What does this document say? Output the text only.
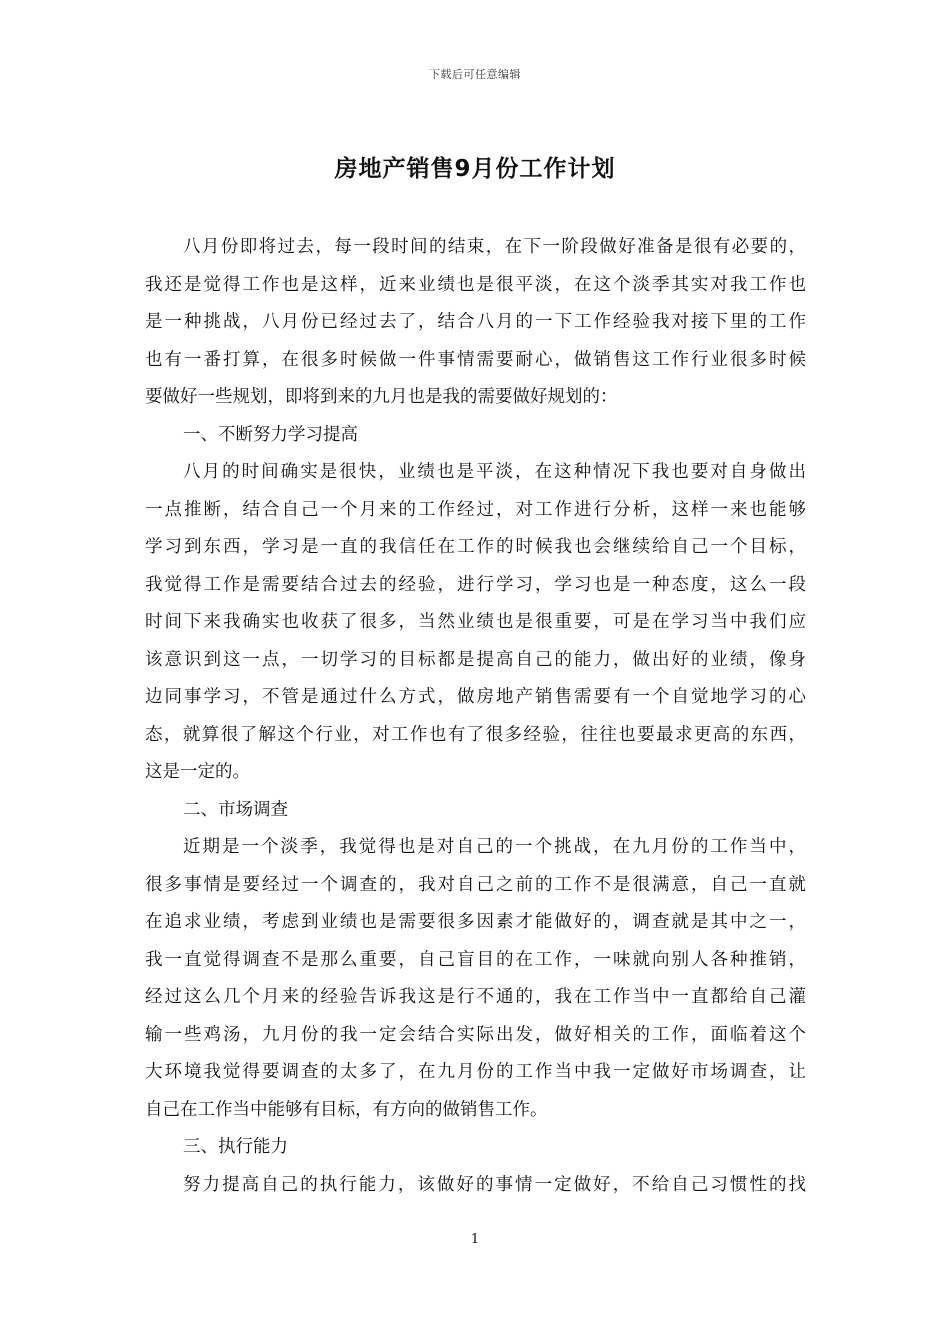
下载后可任意编辑
房地产销售9月份工作计划
八月份即将过去，每一段时间的结束，在下一阶段做好准备是很有必要的，
我还是觉得工作也是这样，近来业绩也是很平淡，在这个淡季其实对我工作也
是一种挑战，八月份已经过去了，结合八月的一下工作经验我对接下里的工作
也有一番打算，在很多时候做一件事情需要耐心，做销售这工作行业很多时候
要做好一些规划，即将到来的九月也是我的需要做好规划的：
一、不断努力学习提高
八月的时间确实是很快，业绩也是平淡，在这种情况下我也要对自身做出
一点推断，结合自己一个月来的工作经过，对工作进行分析，这样一来也能够
学习到东西，学习是一直的我信任在工作的时候我也会继续给自己一个目标，
我觉得工作是需要结合过去的经验，进行学习，学习也是一种态度，这么一段
时间下来我确实也收获了很多，当然业绩也是很重要，可是在学习当中我们应
该意识到这一点，一切学习的目标都是提高自己的能力，做出好的业绩，像身
边同事学习，不管是通过什么方式，做房地产销售需要有一个自觉地学习的心
态，就算很了解这个行业，对工作也有了很多经验，往往也要最求更高的东西，
这是一定的。
二、市场调查
近期是一个淡季，我觉得也是对自己的一个挑战，在九月份的工作当中，
很多事情是要经过一个调查的，我对自己之前的工作不是很满意，自己一直就
在追求业绩，考虑到业绩也是需要很多因素才能做好的，调查就是其中之一，
我一直觉得调查不是那么重要，自己盲目的在工作，一味就向别人各种推销，
经过这么几个月来的经验告诉我这是行不通的，我在工作当中一直都给自己灌
输一些鸡汤，九月份的我一定会结合实际出发，做好相关的工作，面临着这个
大环境我觉得要调查的太多了，在九月份的工作当中我一定做好市场调查，让
自己在工作当中能够有目标，有方向的做销售工作。
三、执行能力
努力提高自己的执行能力，该做好的事情一定做好，不给自己习惯性的找
1
